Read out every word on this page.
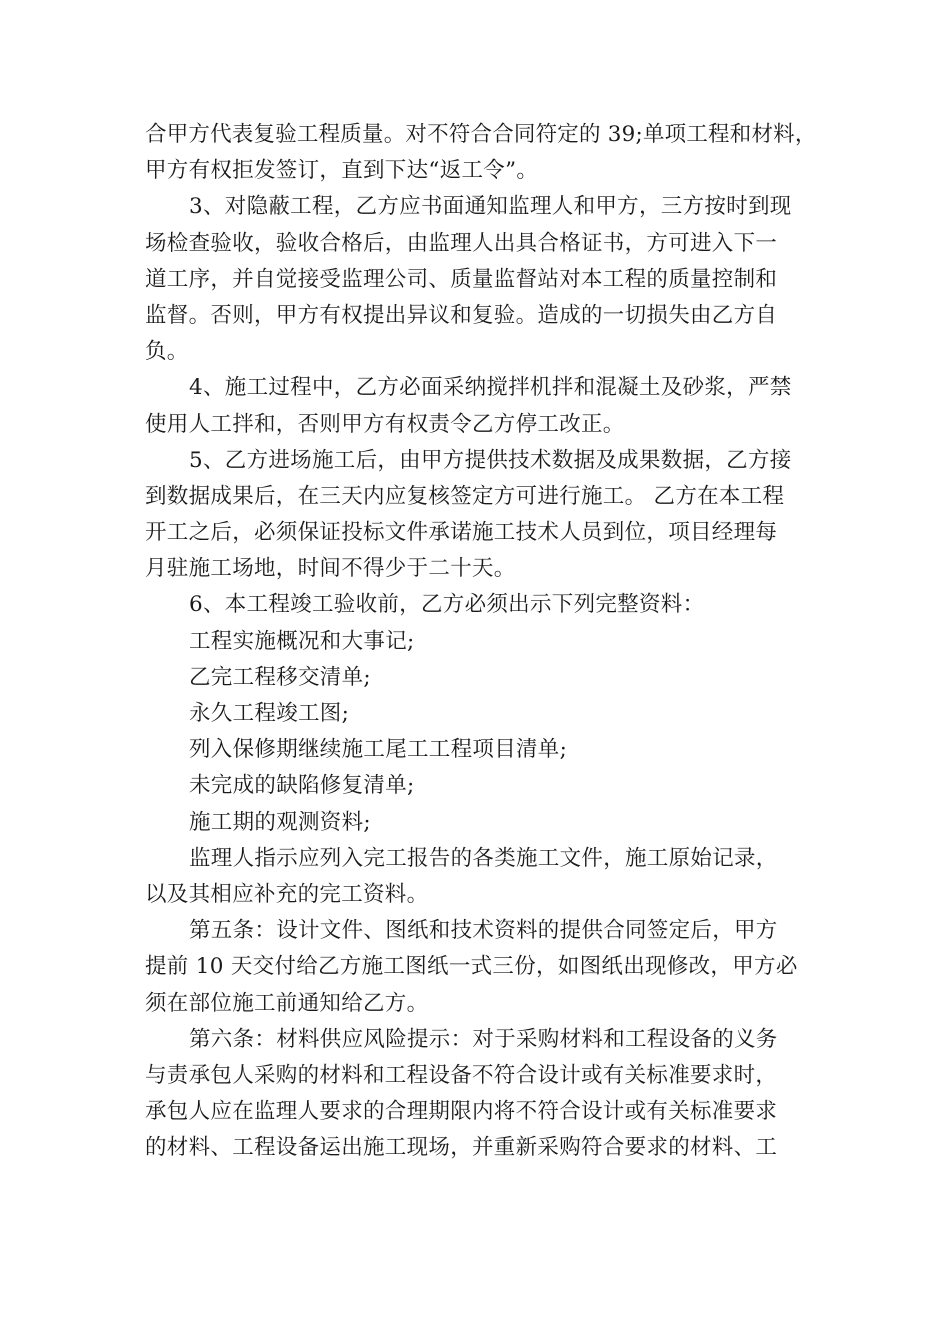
合甲方代表复验工程质量。对不符合合同符定的 39;单项工程和材料，
甲方有权拒发签订，直到下达“返工令”。
3、对隐蔽工程，乙方应书面通知监理人和甲方，三方按时到现
场检查验收，验收合格后，由监理人出具合格证书，方可进入下一
道工序，并自觉接受监理公司、质量监督站对本工程的质量控制和
监督。否则，甲方有权提出异议和复验。造成的一切损失由乙方自
负。
4、施工过程中，乙方必面采纳搅拌机拌和混凝土及砂浆，严禁
使用人工拌和，否则甲方有权责令乙方停工改正。
5、乙方进场施工后，由甲方提供技术数据及成果数据，乙方接
到数据成果后，在三天内应复核签定方可进行施工。 乙方在本工程
开工之后，必须保证投标文件承诺施工技术人员到位，项目经理每
月驻施工场地，时间不得少于二十天。
6、本工程竣工验收前，乙方必须出示下列完整资料：
工程实施概况和大事记;
乙完工程移交清单;
永久工程竣工图;
列入保修期继续施工尾工工程项目清单;
未完成的缺陷修复清单;
施工期的观测资料;
监理人指示应列入完工报告的各类施工文件，施工原始记录，
以及其相应补充的完工资料。
第五条：设计文件、图纸和技术资料的提供合同签定后，甲方
提前 10 天交付给乙方施工图纸一式三份，如图纸出现修改，甲方必
须在部位施工前通知给乙方。
第六条：材料供应风险提示：对于采购材料和工程设备的义务
与责承包人采购的材料和工程设备不符合设计或有关标准要求时，
承包人应在监理人要求的合理期限内将不符合设计或有关标准要求
的材料、工程设备运出施工现场，并重新采购符合要求的材料、工
